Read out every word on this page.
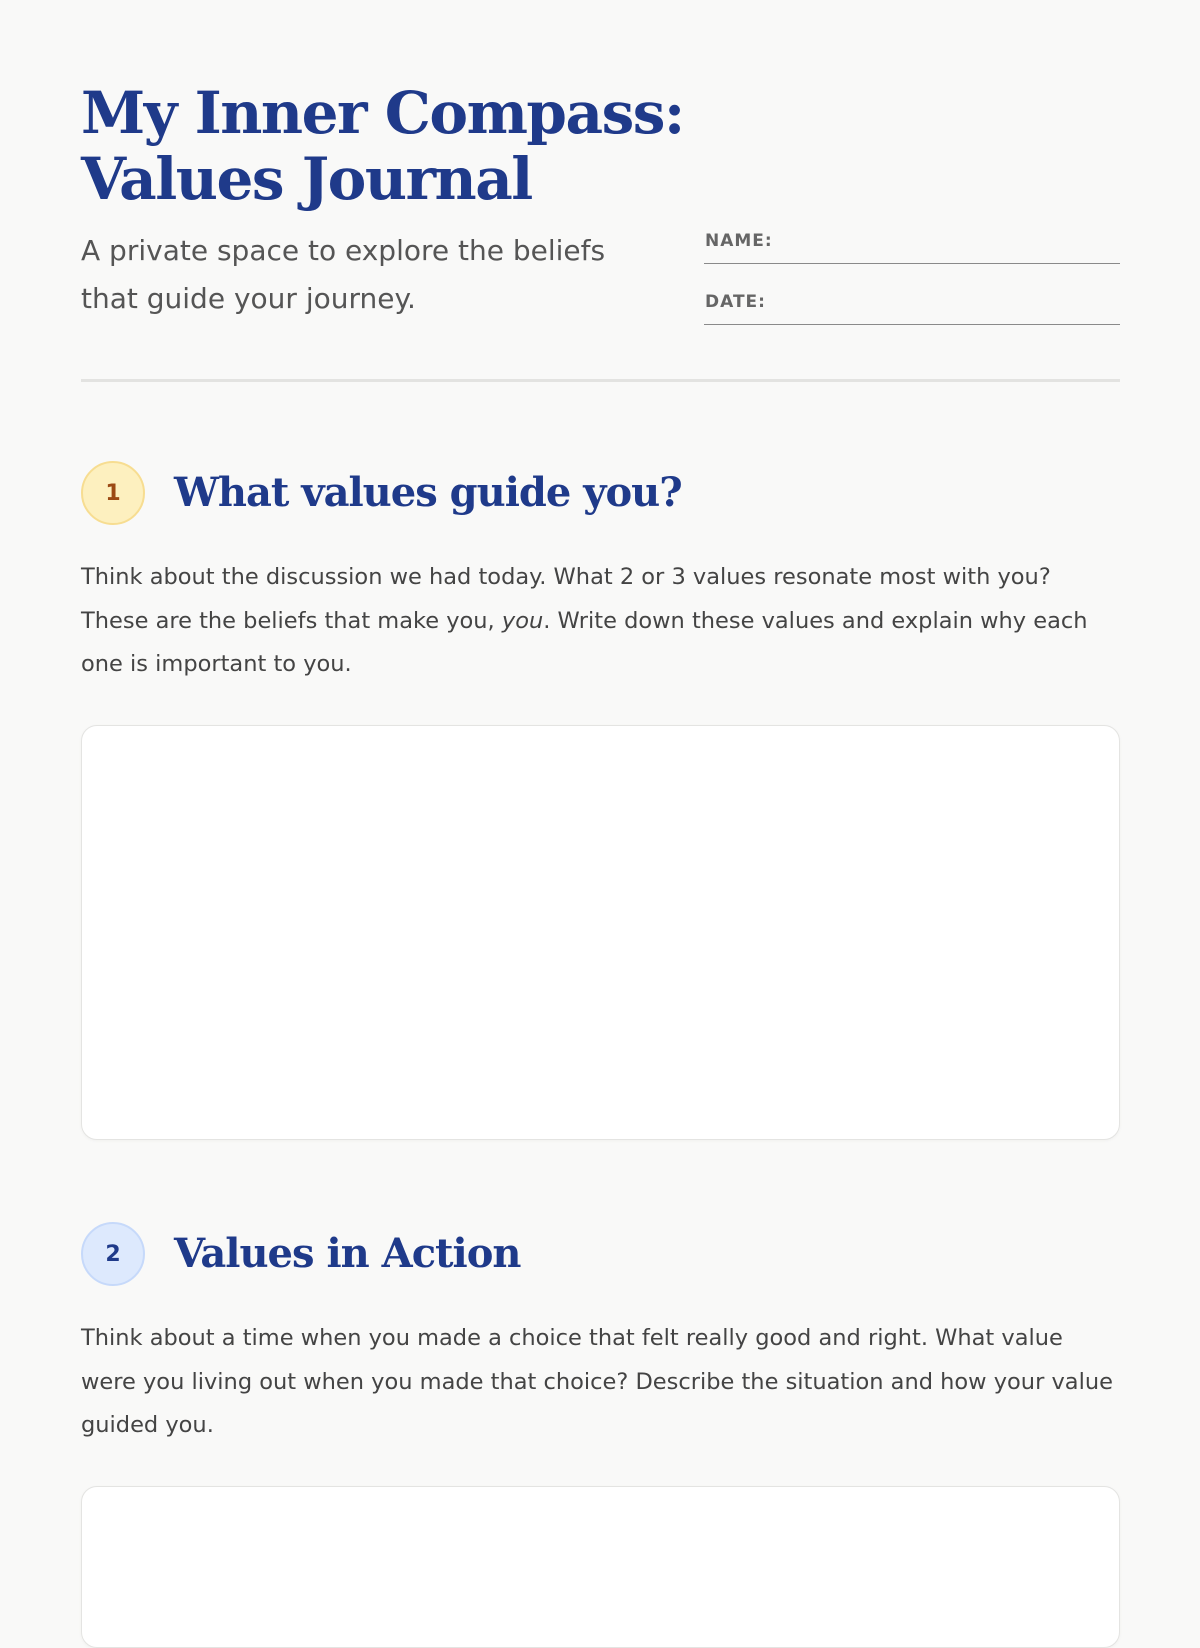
My Inner Compass: Values Journal

A private space to explore the beliefs that guide your journey.

NAME:
DATE:
1	What values guide you?

Think about the discussion we had today. What 2 or 3 values resonate most with you? These are the beliefs that make you, you. Write down these values and explain why each one is important to you.

2	Values in Action

Think about a time when you made a choice that felt really good and right. What value were you living out when you made that choice? Describe the situation and how your value guided you.
